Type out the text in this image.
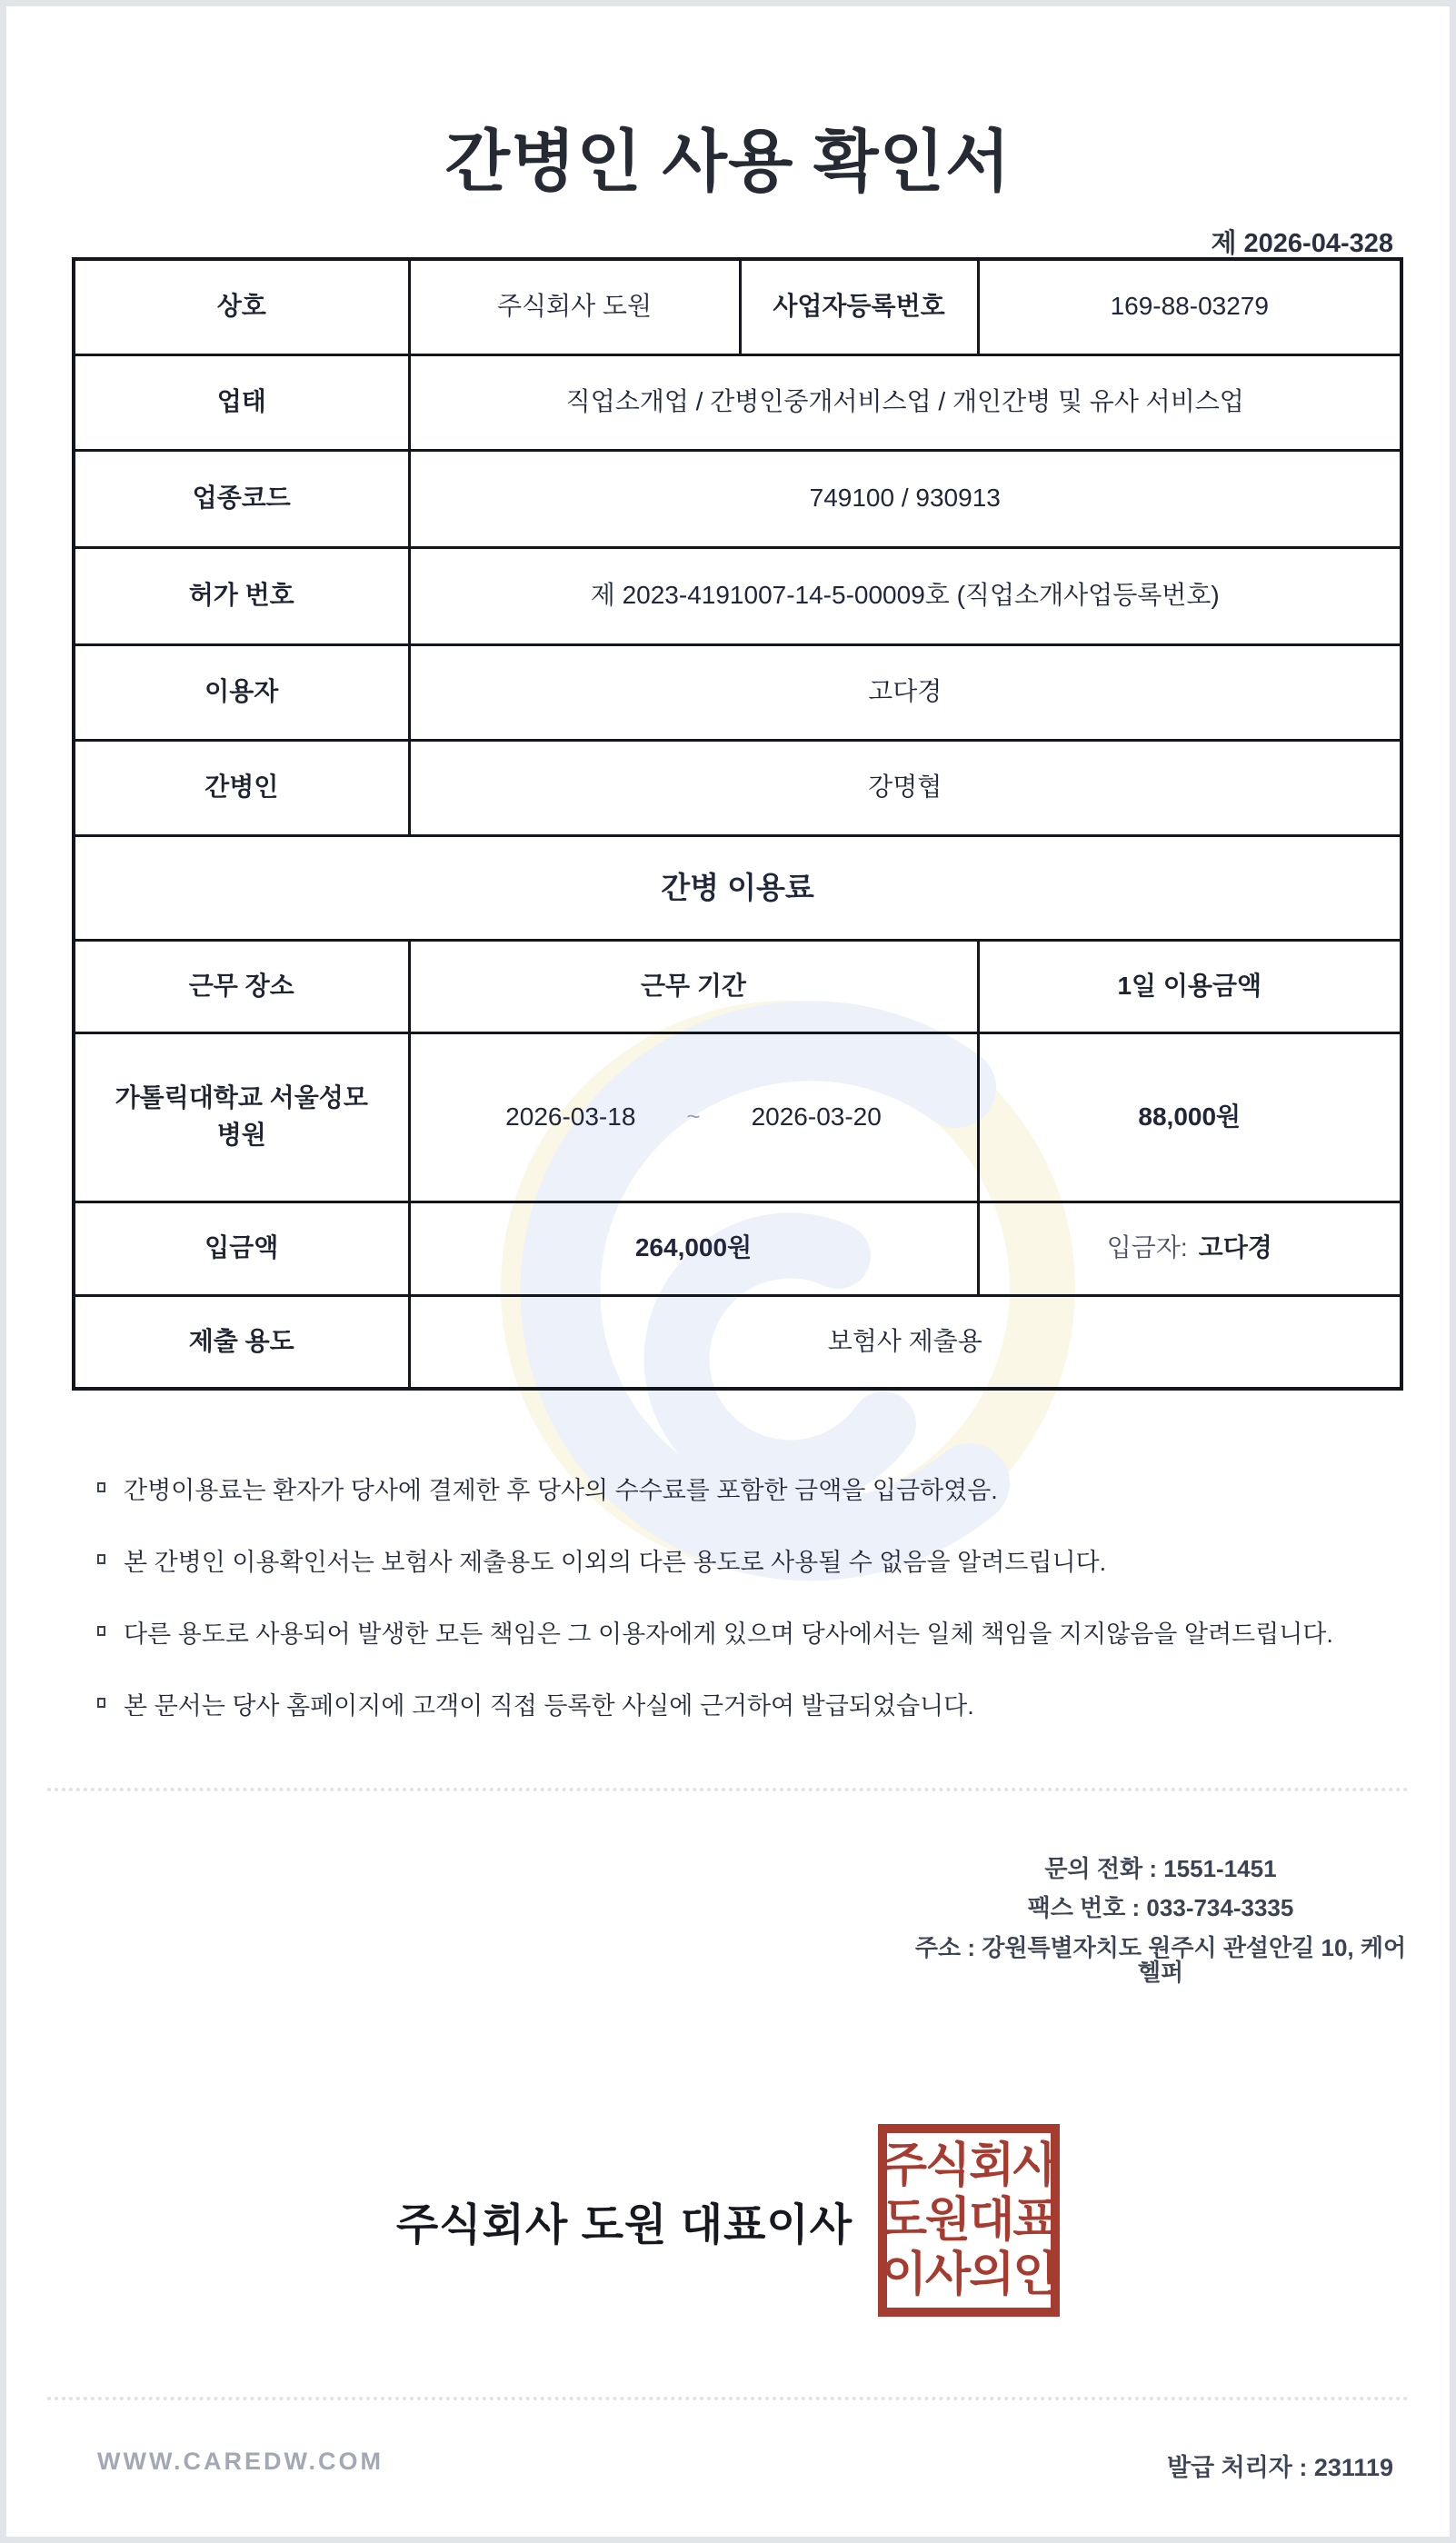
간병인 사용 확인서
제 2026-04-328
상호	주식회사 도원	사업자등록번호	169-88-03279
업태	직업소개업 / 간병인중개서비스업 / 개인간병 및 유사 서비스업		
업종코드	749100 / 930913		
허가 번호	제 2023-4191007-14-5-00009호 (직업소개사업등록번호)		
이용자	고다경		
간병인	강명협		
간병 이용료			
근무 장소	근무 기간		1일 이용금액
가톨릭대학교 서울성모병원	2026-03-18 ~ 2026-03-20		88,000원
입금액	264,000원		입금자: 고다경
제출 용도	보험사 제출용		
간병이용료는 환자가 당사에 결제한 후 당사의 수수료를 포함한 금액을 입금하였음.
본 간병인 이용확인서는 보험사 제출용도 이외의 다른 용도로 사용될 수 없음을 알려드립니다.
다른 용도로 사용되어 발생한 모든 책임은 그 이용자에게 있으며 당사에서는 일체 책임을 지지않음을 알려드립니다.
본 문서는 당사 홈페이지에 고객이 직접 등록한 사실에 근거하여 발급되었습니다.
문의 전화 : 1551-1451
팩스 번호 : 033-734-3335
주소 : 강원특별자치도 원주시 관설안길 10, 케어헬퍼
주식회사 도원 대표이사
주식회사
도원대표
이사의인
WWW.CAREDW.COM	발급 처리자 : 231119
